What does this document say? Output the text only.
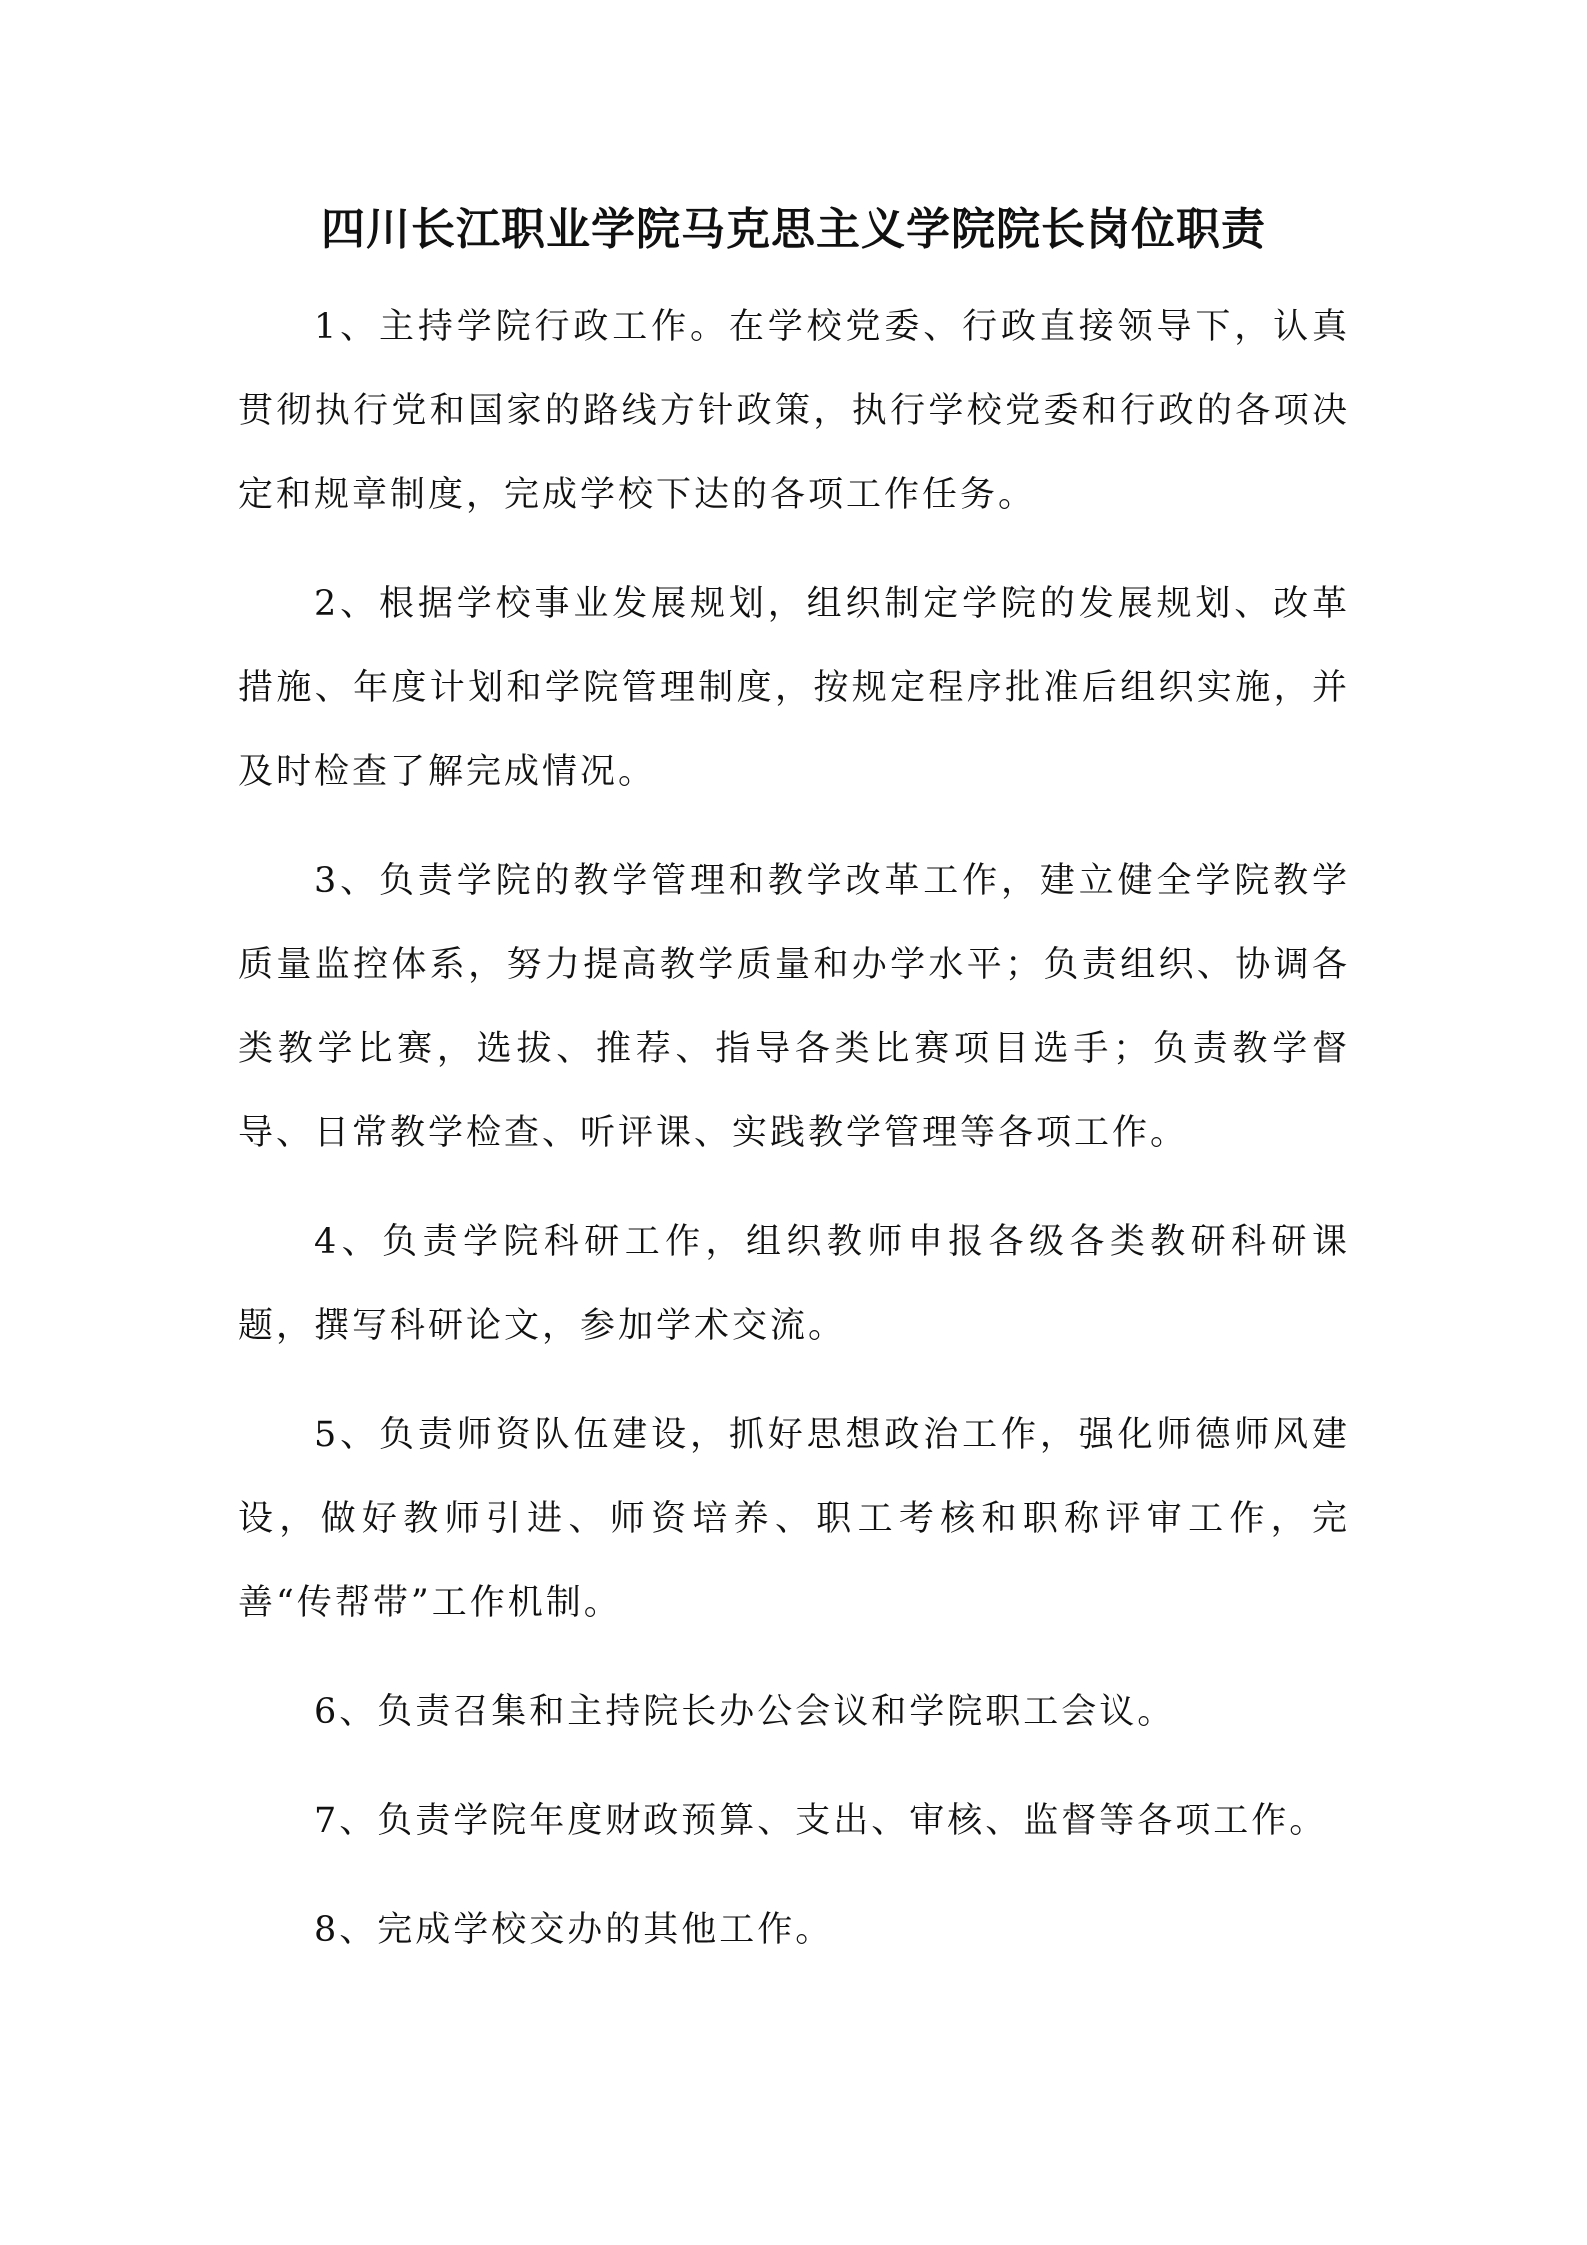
四川长江职业学院马克思主义学院院长岗位职责

1、主持学院行政工作。在学校党委、行政直接领导下，认真贯彻执行党和国家的路线方针政策，执行学校党委和行政的各项决定和规章制度，完成学校下达的各项工作任务。

2、根据学校事业发展规划，组织制定学院的发展规划、改革措施、年度计划和学院管理制度，按规定程序批准后组织实施，并及时检查了解完成情况。

3、负责学院的教学管理和教学改革工作，建立健全学院教学质量监控体系，努力提高教学质量和办学水平；负责组织、协调各类教学比赛，选拔、推荐、指导各类比赛项目选手；负责教学督导、日常教学检查、听评课、实践教学管理等各项工作。

4、负责学院科研工作，组织教师申报各级各类教研科研课题，撰写科研论文，参加学术交流。

5、负责师资队伍建设，抓好思想政治工作，强化师德师风建设，做好教师引进、师资培养、职工考核和职称评审工作，完善“传帮带”工作机制。

6、负责召集和主持院长办公会议和学院职工会议。

7、负责学院年度财政预算、支出、审核、监督等各项工作。

8、完成学校交办的其他工作。
